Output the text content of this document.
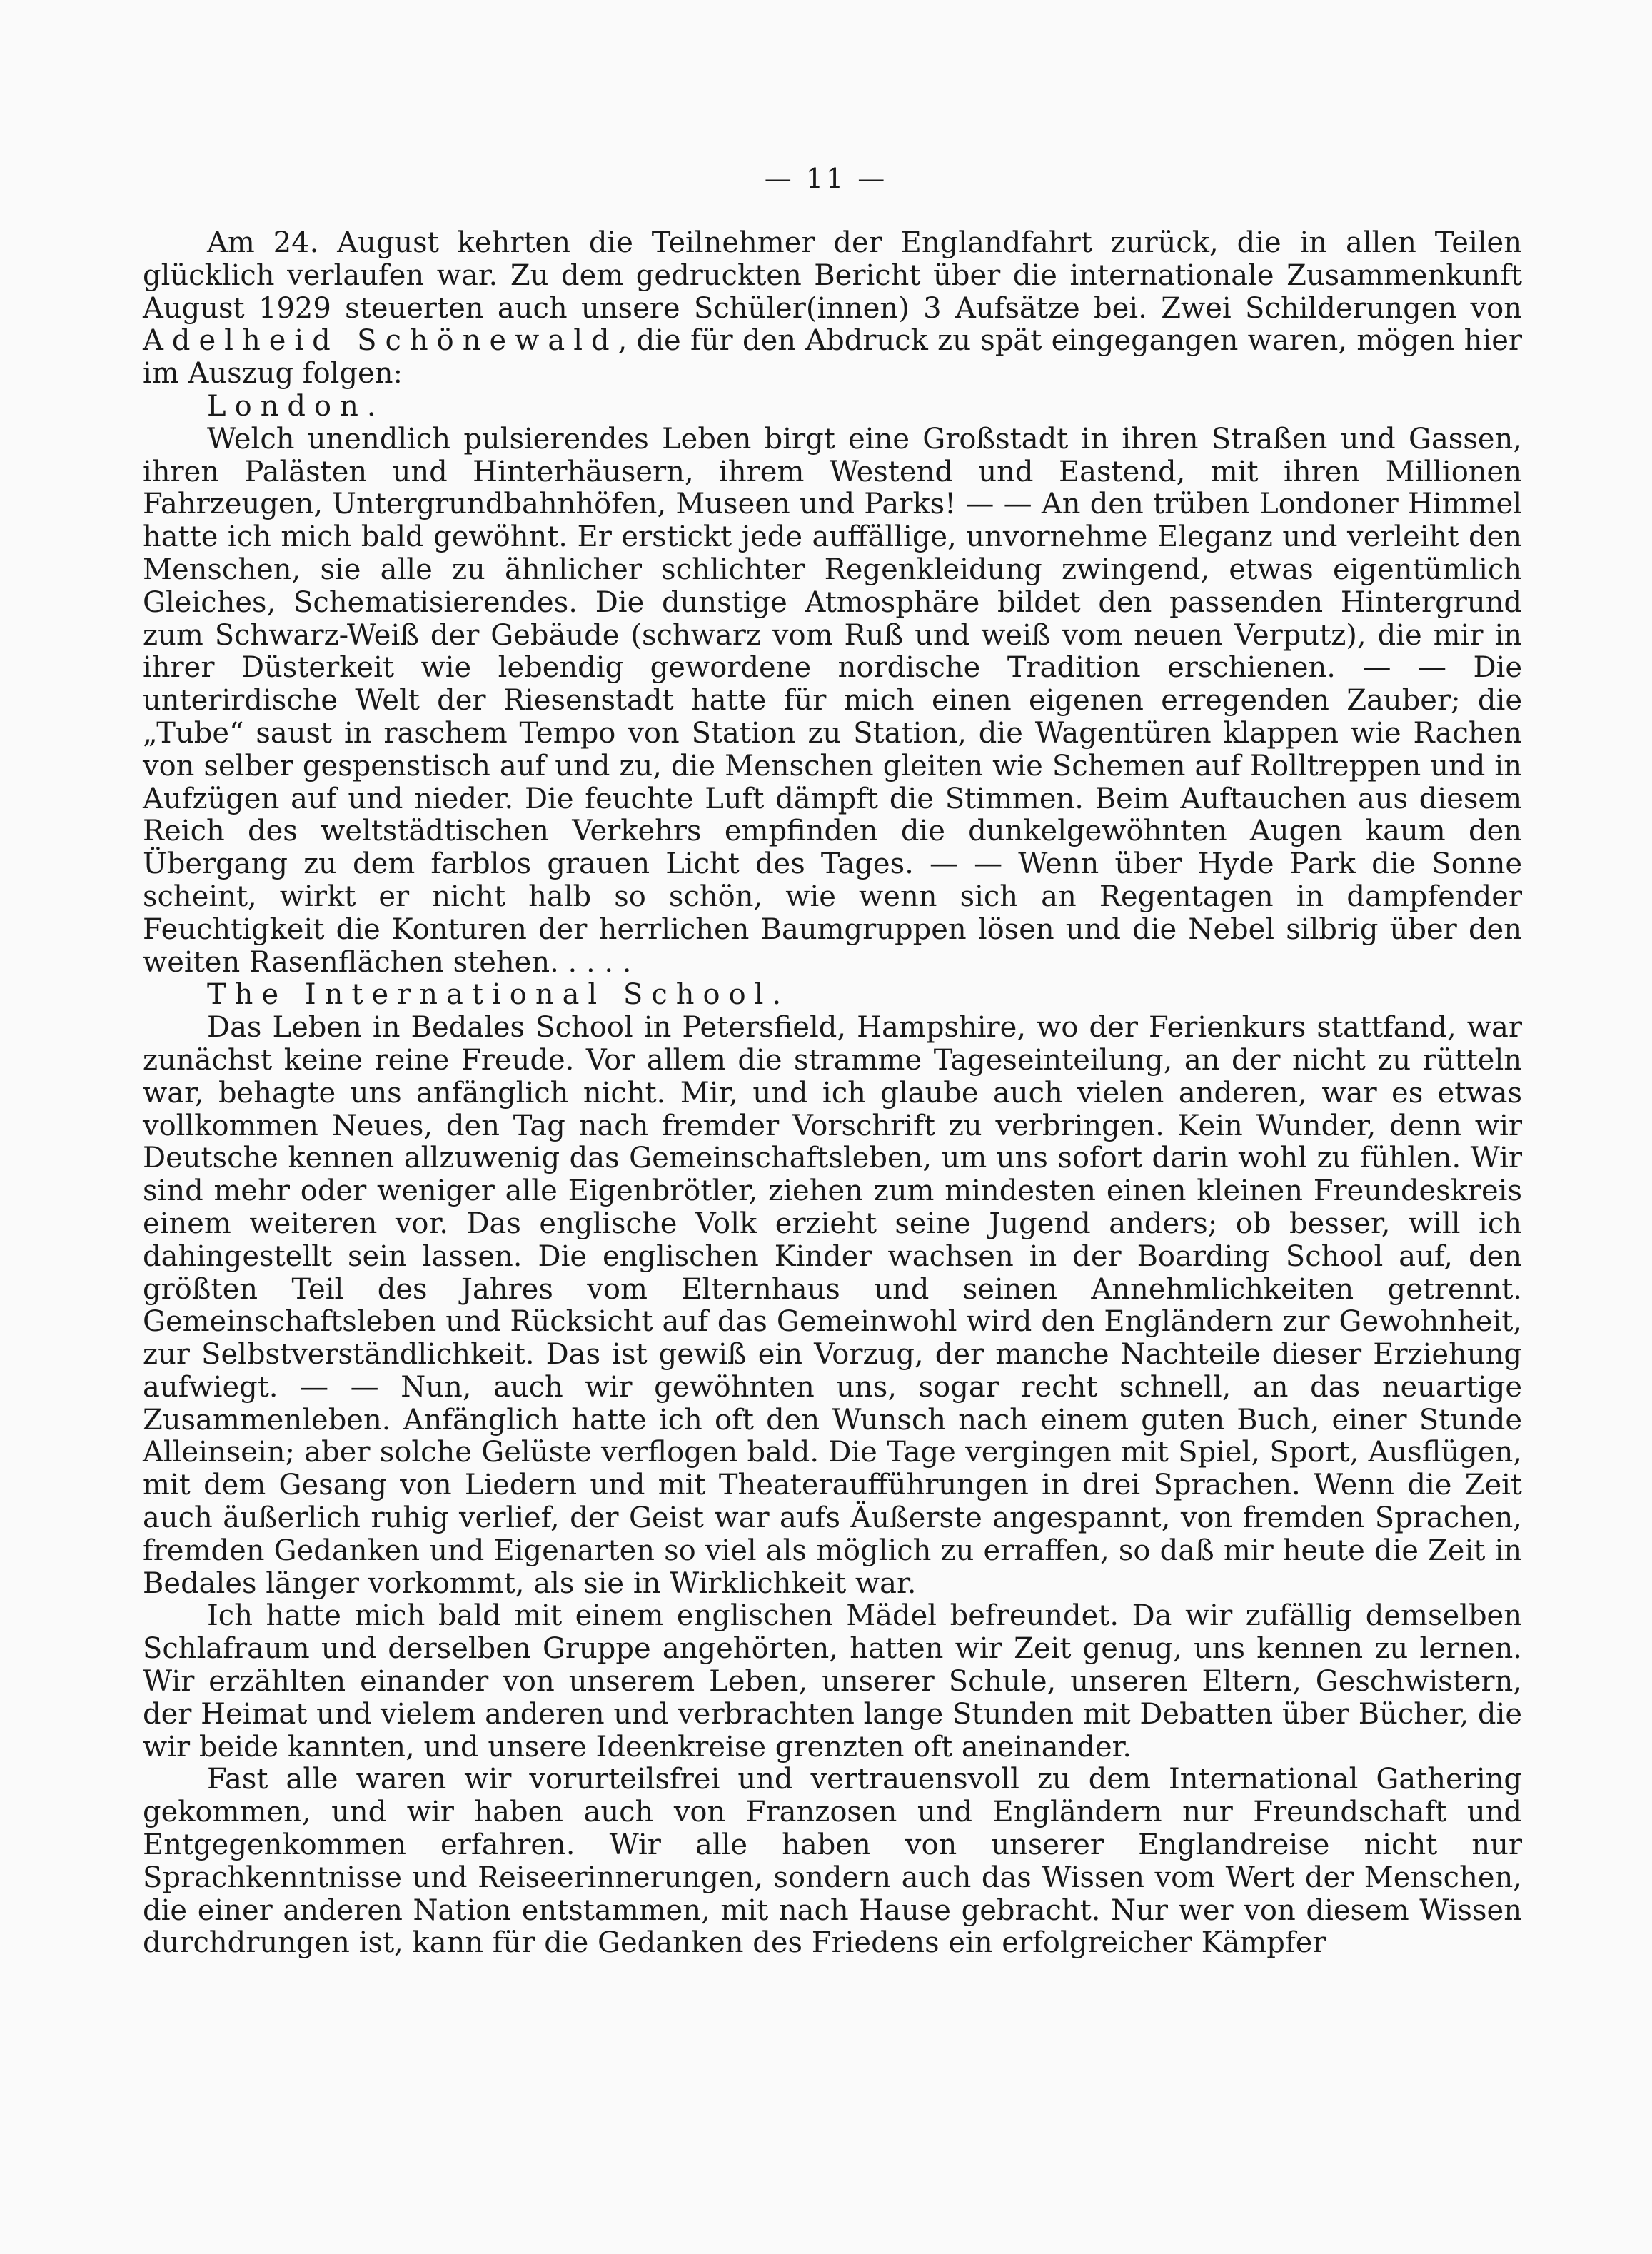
— 11 —

Am 24. August kehrten die Teilnehmer der Englandfahrt zurück, die in allen Teilen glücklich verlaufen war. Zu dem gedruckten Bericht über die internationale Zusammenkunft August 1929 steuerten auch unsere Schüler(innen) 3 Aufsätze bei. Zwei Schilderungen von Adelheid Schönewald, die für den Abdruck zu spät eingegangen waren, mögen hier im Auszug folgen:

London.

Welch unendlich pulsierendes Leben birgt eine Großstadt in ihren Straßen und Gassen, ihren Palästen und Hinterhäusern, ihrem Westend und Eastend, mit ihren Millionen Fahrzeugen, Untergrundbahnhöfen, Museen und Parks! — — An den trüben Londoner Himmel hatte ich mich bald gewöhnt. Er erstickt jede auffällige, unvornehme Eleganz und verleiht den Menschen, sie alle zu ähnlicher schlichter Regenkleidung zwingend, etwas eigentümlich Gleiches, Schematisierendes. Die dunstige Atmosphäre bildet den passenden Hintergrund zum Schwarz-Weiß der Gebäude (schwarz vom Ruß und weiß vom neuen Verputz), die mir in ihrer Düsterkeit wie lebendig gewordene nordische Tradition erschienen. — — Die unterirdische Welt der Riesenstadt hatte für mich einen eigenen erregenden Zauber; die „Tube“ saust in raschem Tempo von Station zu Station, die Wagentüren klappen wie Rachen von selber gespenstisch auf und zu, die Menschen gleiten wie Schemen auf Rolltreppen und in Aufzügen auf und nieder. Die feuchte Luft dämpft die Stimmen. Beim Auftauchen aus diesem Reich des weltstädtischen Verkehrs empfinden die dunkelgewöhnten Augen kaum den Übergang zu dem farblos grauen Licht des Tages. — — Wenn über Hyde Park die Sonne scheint, wirkt er nicht halb so schön, wie wenn sich an Regentagen in dampfender Feuchtigkeit die Konturen der herrlichen Baumgruppen lösen und die Nebel silbrig über den weiten Rasenflächen stehen. . . . .

The International School.

Das Leben in Bedales School in Petersfield, Hampshire, wo der Ferienkurs stattfand, war zunächst keine reine Freude. Vor allem die stramme Tageseinteilung, an der nicht zu rütteln war, behagte uns anfänglich nicht. Mir, und ich glaube auch vielen anderen, war es etwas vollkommen Neues, den Tag nach fremder Vorschrift zu verbringen. Kein Wunder, denn wir Deutsche kennen allzuwenig das Gemeinschaftsleben, um uns sofort darin wohl zu fühlen. Wir sind mehr oder weniger alle Eigenbrötler, ziehen zum mindesten einen kleinen Freundeskreis einem weiteren vor. Das englische Volk erzieht seine Jugend anders; ob besser, will ich dahingestellt sein lassen. Die englischen Kinder wachsen in der Boarding School auf, den größten Teil des Jahres vom Elternhaus und seinen Annehmlichkeiten getrennt. Gemeinschaftsleben und Rücksicht auf das Gemeinwohl wird den Engländern zur Gewohnheit, zur Selbstverständlichkeit. Das ist gewiß ein Vorzug, der manche Nachteile dieser Erziehung aufwiegt. — — Nun, auch wir gewöhnten uns, sogar recht schnell, an das neuartige Zusammenleben. Anfänglich hatte ich oft den Wunsch nach einem guten Buch, einer Stunde Alleinsein; aber solche Gelüste verflogen bald. Die Tage vergingen mit Spiel, Sport, Ausflügen, mit dem Gesang von Liedern und mit Theateraufführungen in drei Sprachen. Wenn die Zeit auch äußerlich ruhig verlief, der Geist war aufs Äußerste angespannt, von fremden Sprachen, fremden Gedanken und Eigenarten so viel als möglich zu erraffen, so daß mir heute die Zeit in Bedales länger vorkommt, als sie in Wirklichkeit war.

Ich hatte mich bald mit einem englischen Mädel befreundet. Da wir zufällig demselben Schlafraum und derselben Gruppe angehörten, hatten wir Zeit genug, uns kennen zu lernen. Wir erzählten einander von unserem Leben, unserer Schule, unseren Eltern, Geschwistern, der Heimat und vielem anderen und verbrachten lange Stunden mit Debatten über Bücher, die wir beide kannten, und unsere Ideenkreise grenzten oft aneinander.

Fast alle waren wir vorurteilsfrei und vertrauensvoll zu dem International Gathering gekommen, und wir haben auch von Franzosen und Engländern nur Freundschaft und Entgegenkommen erfahren. Wir alle haben von unserer Englandreise nicht nur Sprachkenntnisse und Reiseerinnerungen, sondern auch das Wissen vom Wert der Menschen, die einer anderen Nation entstammen, mit nach Hause gebracht. Nur wer von diesem Wissen durchdrungen ist, kann für die Gedanken des Friedens ein erfolgreicher Kämpfer
